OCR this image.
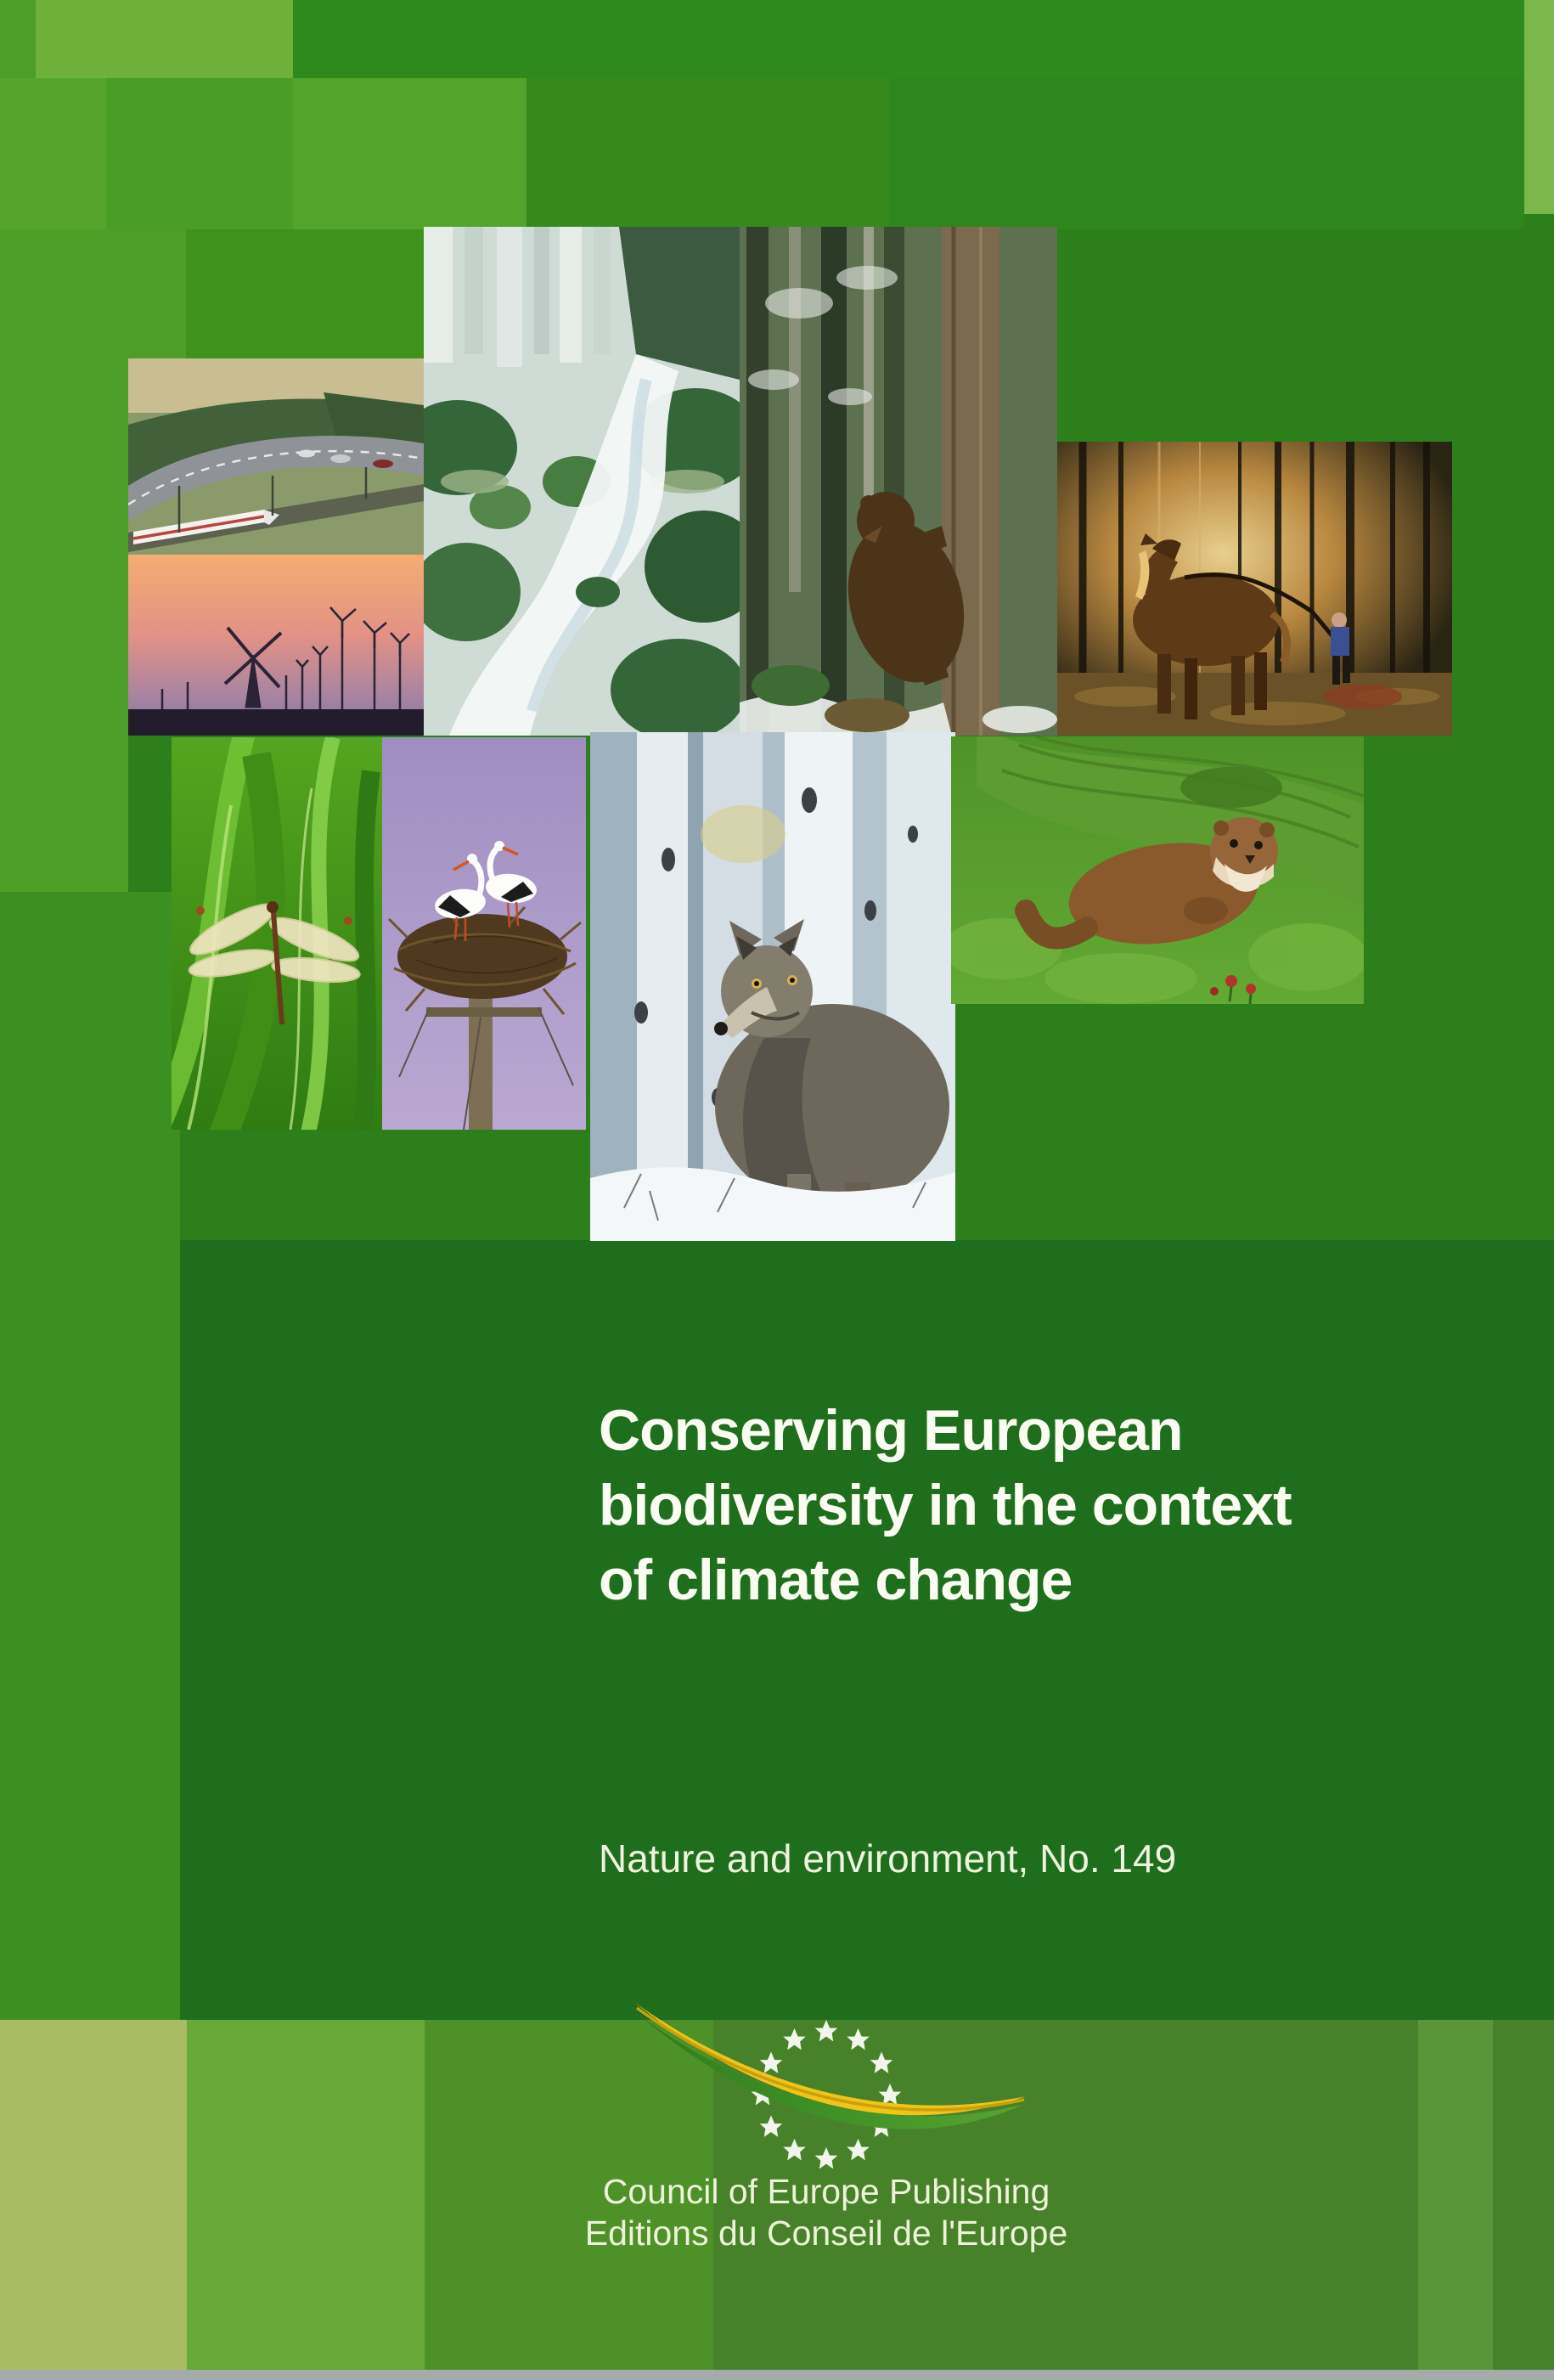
Conserving European
biodiversity in the context
of climate change
Nature and environment, No. 149
Council of Europe Publishing
Editions du Conseil de l'Europe
